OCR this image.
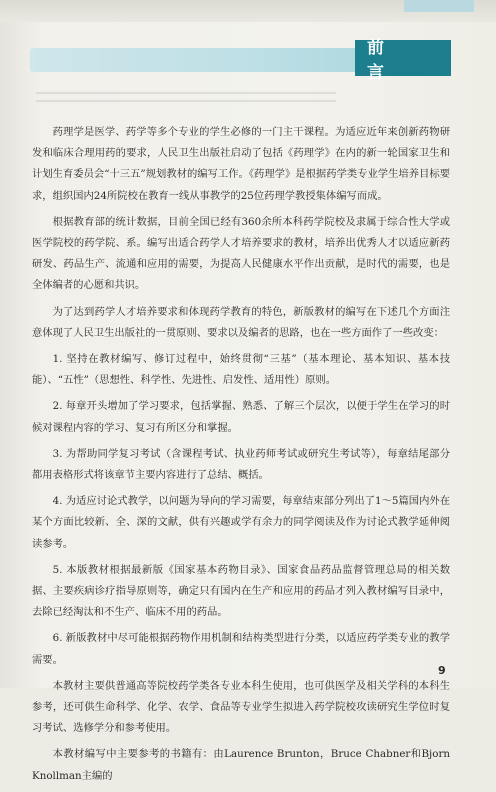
前　言

药理学是医学、药学等多个专业的学生必修的一门主干课程。为适应近年来创新药物研发和临床合理用药的要求，人民卫生出版社启动了包括《药理学》在内的新一轮国家卫生和计划生育委员会“十三五”规划教材的编写工作。《药理学》是根据药学类专业学生培养目标要求，组织国内24所院校在教育一线从事教学的25位药理学教授集体编写而成。

根据教育部的统计数据，目前全国已经有360余所本科药学院校及隶属于综合性大学或医学院校的药学院、系。编写出适合药学人才培养要求的教材，培养出优秀人才以适应新药研发、药品生产、流通和应用的需要，为提高人民健康水平作出贡献，是时代的需要，也是全体编者的心愿和共识。

为了达到药学人才培养要求和体现药学教育的特色，新版教材的编写在下述几个方面注意体现了人民卫生出版社的一贯原则、要求以及编者的思路，也在一些方面作了一些改变：

1. 坚持在教材编写、修订过程中，始终贯彻“三基”（基本理论、基本知识、基本技能）、“五性”（思想性、科学性、先进性、启发性、适用性）原则。

2. 每章开头增加了学习要求，包括掌握、熟悉、了解三个层次，以便于学生在学习的时候对课程内容的学习、复习有所区分和掌握。

3. 为帮助同学复习考试（含课程考试、执业药师考试或研究生考试等），每章结尾部分都用表格形式将该章节主要内容进行了总结、概括。

4. 为适应讨论式教学，以问题为导向的学习需要，每章结束部分列出了1～5篇国内外在某个方面比较新、全、深的文献，供有兴趣或学有余力的同学阅读及作为讨论式教学延伸阅读参考。

5. 本版教材根据最新版《国家基本药物目录》、国家食品药品监督管理总局的相关数据、主要疾病诊疗指导原则等，确定只有国内在生产和应用的药品才列入教材编写目录中，去除已经淘汰和不生产、临床不用的药品。

6. 新版教材中尽可能根据药物作用机制和结构类型进行分类，以适应药学类专业的教学需要。

本教材主要供普通高等院校药学类各专业本科生使用，也可供医学及相关学科的本科生参考，还可供生命科学、化学、农学、食品等专业学生拟进入药学院校攻读研究生学位时复习考试、选修学分和参考使用。

本教材编写中主要参考的书籍有：由Laurence Brunton，Bruce Chabner和Bjorn Knollman主编的

9
